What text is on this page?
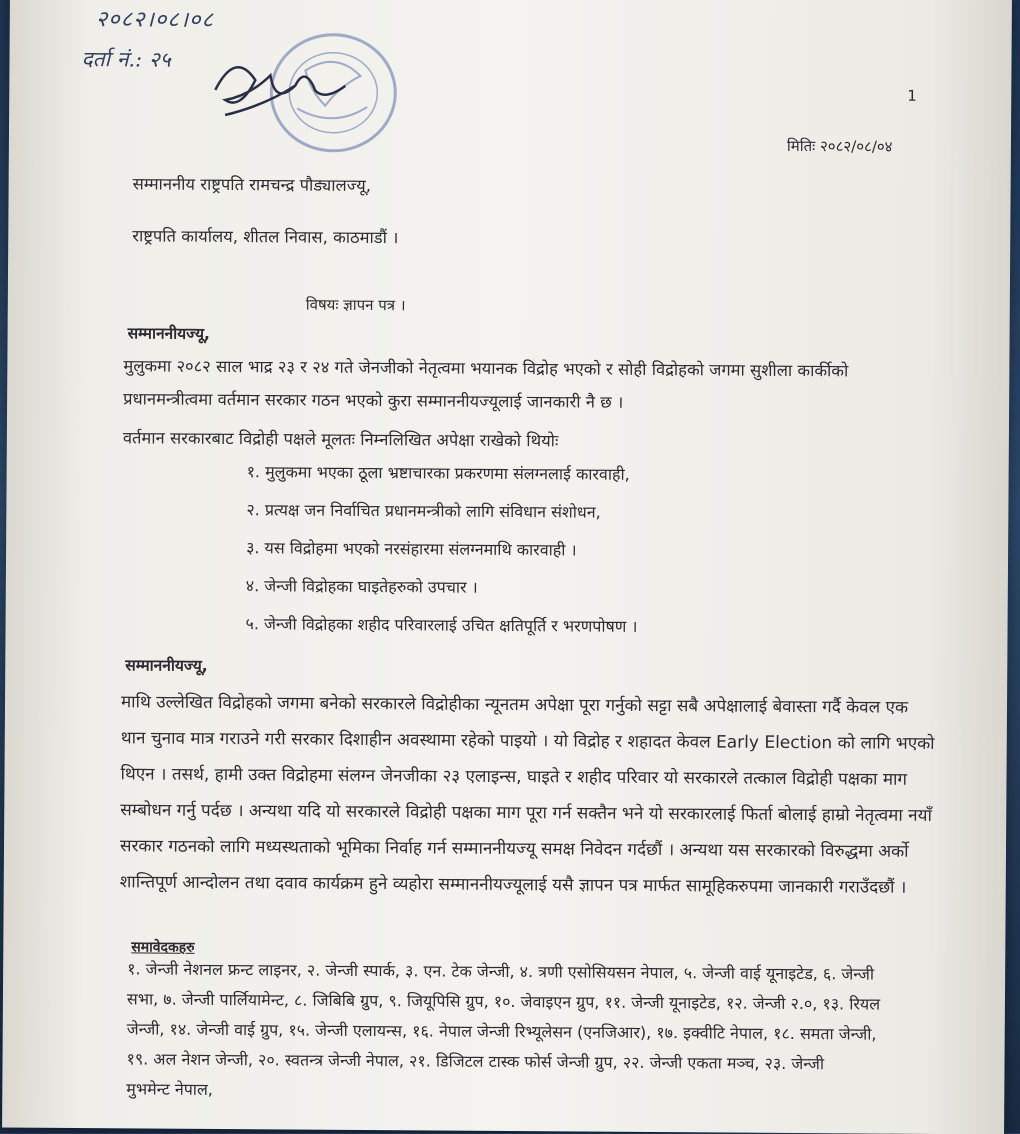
२०८२।०८।०८
दर्ता नं.: २५
1
मितिः २०८२/०८/०४
सम्माननीय राष्ट्रपति रामचन्द्र पौड्यालज्यू,
राष्ट्रपति कार्यालय, शीतल निवास, काठमाडौं ।
विषयः ज्ञापन पत्र ।
सम्माननीयज्यू,
मुलुकमा २०८२ साल भाद्र २३ र २४ गते जेनजीको नेतृत्वमा भयानक विद्रोह भएको र सोही विद्रोहको जगमा सुशीला कार्कीको
प्रधानमन्त्रीत्वमा वर्तमान सरकार गठन भएको कुरा सम्माननीयज्यूलाई जानकारी नै छ ।
वर्तमान सरकारबाट विद्रोही पक्षले मूलतः निम्नलिखित अपेक्षा राखेको थियोः
१. मुलुकमा भएका ठूला भ्रष्टाचारका प्रकरणमा संलग्नलाई कारवाही,
२. प्रत्यक्ष जन निर्वाचित प्रधानमन्त्रीको लागि संविधान संशोधन,
३. यस विद्रोहमा भएको नरसंहारमा संलग्नमाथि कारवाही ।
४. जेन्जी विद्रोहका घाइतेहरुको उपचार ।
५. जेन्जी विद्रोहका शहीद परिवारलाई उचित क्षतिपूर्ति र भरणपोषण ।
सम्माननीयज्यू,
माथि उल्लेखित विद्रोहको जगमा बनेको सरकारले विद्रोहीका न्यूनतम अपेक्षा पूरा गर्नुको सट्टा सबै अपेक्षालाई बेवास्ता गर्दै केवल एक
थान चुनाव मात्र गराउने गरी सरकार दिशाहीन अवस्थामा रहेको पाइयो । यो विद्रोह र शहादत केवल Early Election को लागि भएको
थिएन । तसर्थ, हामी उक्त विद्रोहमा संलग्न जेनजीका २३ एलाइन्स, घाइते र शहीद परिवार यो सरकारले तत्काल विद्रोही पक्षका माग
सम्बोधन गर्नु पर्दछ । अन्यथा यदि यो सरकारले विद्रोही पक्षका माग पूरा गर्न सक्तैन भने यो सरकारलाई फिर्ता बोलाई हाम्रो नेतृत्वमा नयाँ
सरकार गठनको लागि मध्यस्थताको भूमिका निर्वाह गर्न सम्माननीयज्यू समक्ष निवेदन गर्दछौं । अन्यथा यस सरकारको विरुद्धमा अर्को
शान्तिपूर्ण आन्दोलन तथा दवाव कार्यक्रम हुने व्यहोरा सम्माननीयज्यूलाई यसै ज्ञापन पत्र मार्फत सामूहिकरुपमा जानकारी गराउँदछौं ।
समावेदकहरु
१. जेन्जी नेशनल फ्रन्ट लाइनर, २. जेन्जी स्पार्क, ३. एन. टेक जेन्जी, ४. त्रणी एसोसियसन नेपाल, ५. जेन्जी वाई यूनाइटेड, ६. जेन्जी
सभा, ७. जेन्जी पार्लियामेन्ट, ८. जिबिबि ग्रुप, ९. जियूपिसि ग्रुप, १०. जेवाइएन ग्रुप, ११. जेन्जी यूनाइटेड, १२. जेन्जी २.०, १३. रियल
जेन्जी, १४. जेन्जी वाई ग्रुप, १५. जेन्जी एलायन्स, १६. नेपाल जेन्जी रिभ्यूलेसन (एनजिआर), १७. इक्वीटि नेपाल, १८. समता जेन्जी,
१९. अल नेशन जेन्जी, २०. स्वतन्त्र जेन्जी नेपाल, २१. डिजिटल टास्क फोर्स जेन्जी ग्रुप, २२. जेन्जी एकता मञ्च, २३. जेन्जी
मुभमेन्ट नेपाल,
